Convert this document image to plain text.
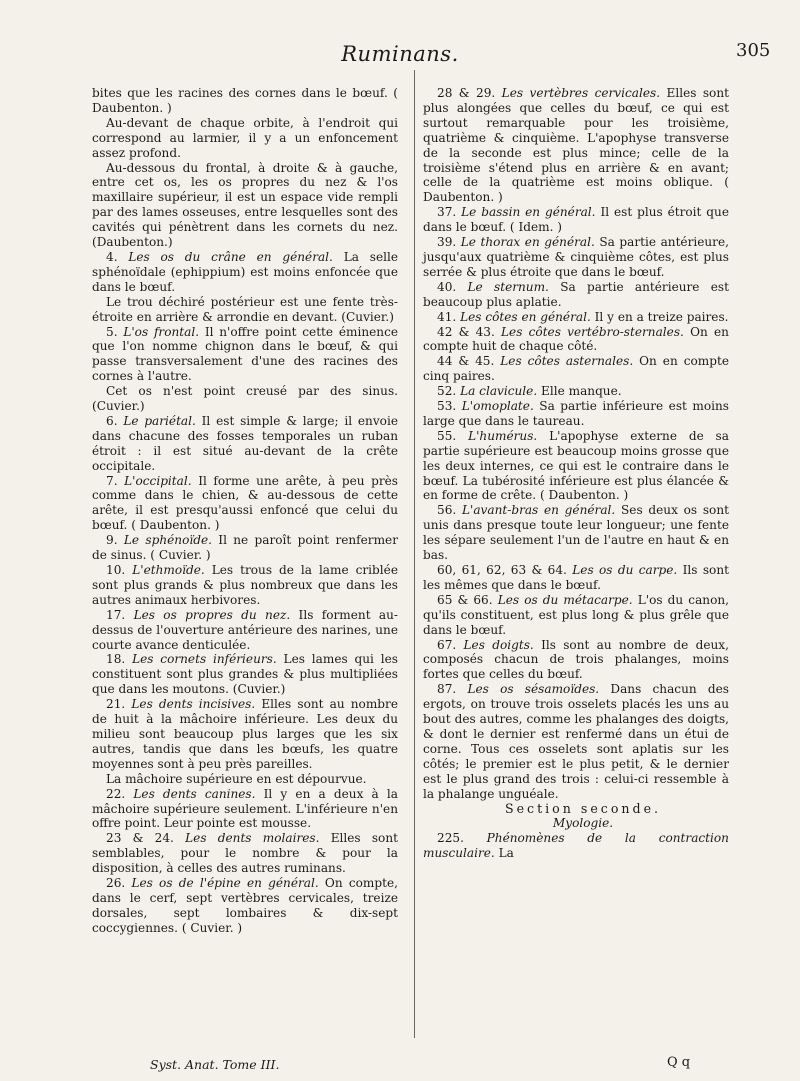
Ruminans.	305

bites que les racines des cornes dans le bœuf. ( Daubenton. )

Au-devant de chaque orbite, à l'endroit qui correspond au larmier, il y a un enfoncement assez profond.

Au-dessous du frontal, à droite & à gauche, entre cet os, les os propres du nez & l'os maxillaire supérieur, il est un espace vide rempli par des lames osseuses, entre lesquelles sont des cavités qui pénètrent dans les cornets du nez. (Daubenton.)

4. Les os du crâne en général. La selle sphénoïdale (ephippium) est moins enfoncée que dans le bœuf.

Le trou déchiré postérieur est une fente très-étroite en arrière & arrondie en devant. (Cuvier.)

5. L'os frontal. Il n'offre point cette éminence que l'on nomme chignon dans le bœuf, & qui passe transversalement d'une des racines des cornes à l'autre.

Cet os n'est point creusé par des sinus. (Cuvier.)

6. Le pariétal. Il est simple & large; il envoie dans chacune des fosses temporales un ruban étroit : il est situé au-devant de la crête occipitale.

7. L'occipital. Il forme une arête, à peu près comme dans le chien, & au-dessous de cette arête, il est presqu'aussi enfoncé que celui du bœuf. ( Daubenton. )

9. Le sphénoïde. Il ne paroît point renfermer de sinus. ( Cuvier. )

10. L'ethmoïde. Les trous de la lame criblée sont plus grands & plus nombreux que dans les autres animaux herbivores.

17. Les os propres du nez. Ils forment au-dessus de l'ouverture antérieure des narines, une courte avance denticulée.

18. Les cornets inférieurs. Les lames qui les constituent sont plus grandes & plus multipliées que dans les moutons. (Cuvier.)

21. Les dents incisives. Elles sont au nombre de huit à la mâchoire inférieure. Les deux du milieu sont beaucoup plus larges que les six autres, tandis que dans les bœufs, les quatre moyennes sont à peu près pareilles.

La mâchoire supérieure en est dépourvue.

22. Les dents canines. Il y en a deux à la mâchoire supérieure seulement. L'inférieure n'en offre point. Leur pointe est mousse.

23 & 24. Les dents molaires. Elles sont semblables, pour le nombre & pour la disposition, à celles des autres ruminans.

26. Les os de l'épine en général. On compte, dans le cerf, sept vertèbres cervicales, treize dorsales, sept lombaires & dix-sept coccygiennes. ( Cuvier. )

28 & 29. Les vertèbres cervicales. Elles sont plus alongées que celles du bœuf, ce qui est surtout remarquable pour les troisième, quatrième & cinquième. L'apophyse transverse de la seconde est plus mince; celle de la troisième s'étend plus en arrière & en avant; celle de la quatrième est moins oblique. ( Daubenton. )

37. Le bassin en général. Il est plus étroit que dans le bœuf. ( Idem. )

39. Le thorax en général. Sa partie antérieure, jusqu'aux quatrième & cinquième côtes, est plus serrée & plus étroite que dans le bœuf.

40. Le sternum. Sa partie antérieure est beaucoup plus aplatie.

41. Les côtes en général. Il y en a treize paires.

42 & 43. Les côtes vertébro-sternales. On en compte huit de chaque côté.

44 & 45. Les côtes asternales. On en compte cinq paires.

52. La clavicule. Elle manque.

53. L'omoplate. Sa partie inférieure est moins large que dans le taureau.

55. L'humérus. L'apophyse externe de sa partie supérieure est beaucoup moins grosse que les deux internes, ce qui est le contraire dans le bœuf. La tubérosité inférieure est plus élancée & en forme de crête. ( Daubenton. )

56. L'avant-bras en général. Ses deux os sont unis dans presque toute leur longueur; une fente les sépare seulement l'un de l'autre en haut & en bas.

60, 61, 62, 63 & 64. Les os du carpe. Ils sont les mêmes que dans le bœuf.

65 & 66. Les os du métacarpe. L'os du canon, qu'ils constituent, est plus long & plus grêle que dans le bœuf.

67. Les doigts. Ils sont au nombre de deux, composés chacun de trois phalanges, moins fortes que celles du bœuf.

87. Les os sésamoïdes. Dans chacun des ergots, on trouve trois osselets placés les uns au bout des autres, comme les phalanges des doigts, & dont le dernier est renfermé dans un étui de corne. Tous ces osselets sont aplatis sur les côtés; le premier est le plus petit, & le dernier est le plus grand des trois : celui-ci ressemble à la phalange unguéale.

Section seconde.

Myologie.

225. Phénomènes de la contraction musculaire. La

Syst. Anat. Tome III.	Q q
